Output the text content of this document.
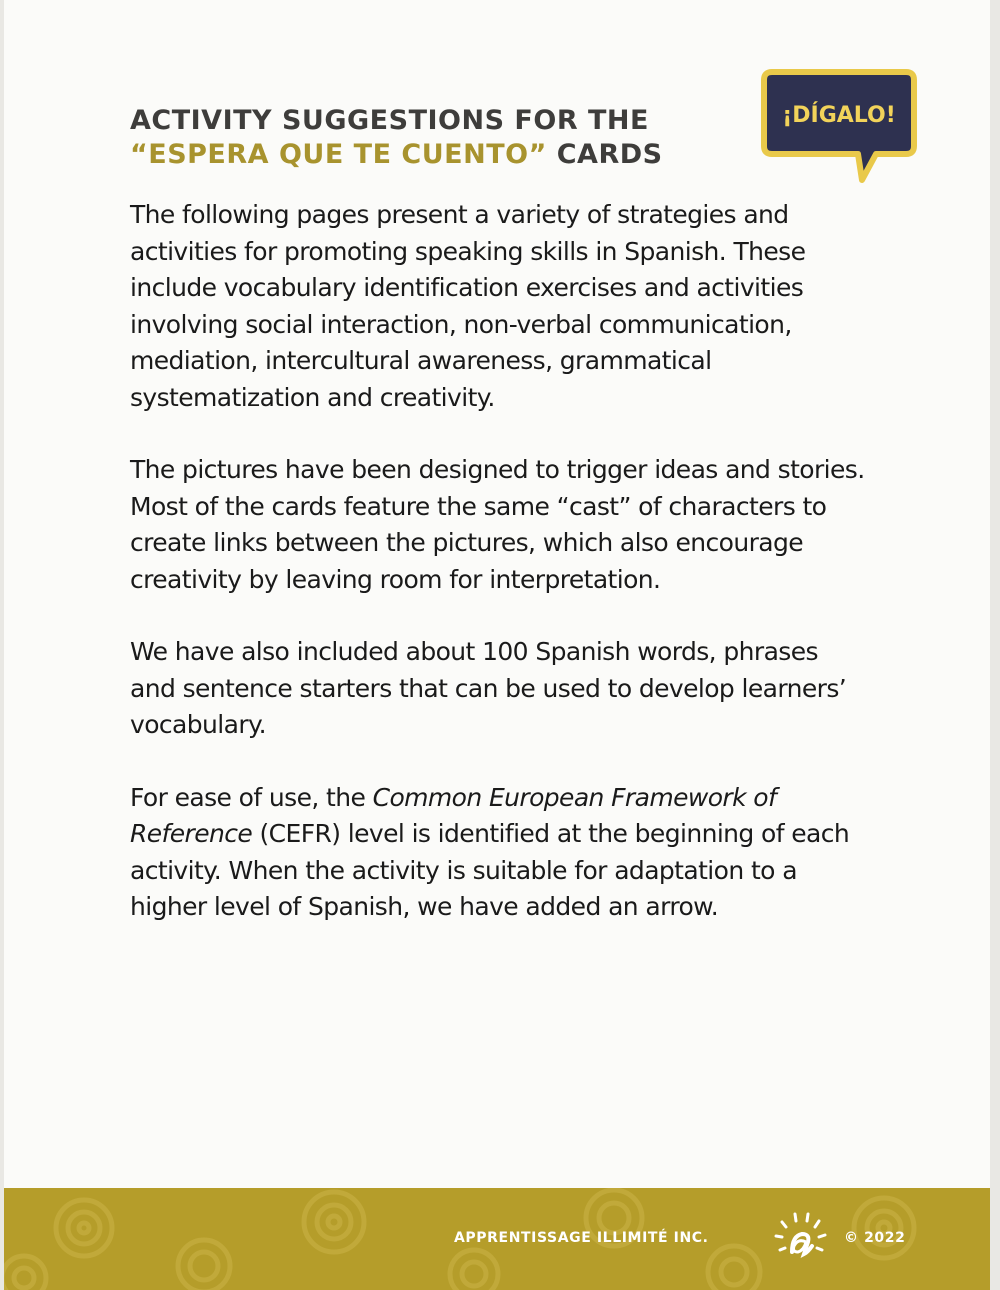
ACTIVITY SUGGESTIONS FOR THE
“ESPERA QUE TE CUENTO” CARDS
¡DÍGALO!

The following pages present a variety of strategies and activities for promoting speaking skills in Spanish. These include vocabulary identification exercises and activities involving social interaction, non-verbal communication, mediation, intercultural awareness, grammatical systematization and creativity.

The pictures have been designed to trigger ideas and stories. Most of the cards feature the same “cast” of characters to create links between the pictures, which also encourage creativity by leaving room for interpretation.

We have also included about 100 Spanish words, phrases and sentence starters that can be used to develop learners’ vocabulary.

For ease of use, the Common European Framework of Reference (CEFR) level is identified at the beginning of each activity. When the activity is suitable for adaptation to a higher level of Spanish, we have added an arrow.

APPRENTISSAGE ILLIMITÉ INC.	© 2022
